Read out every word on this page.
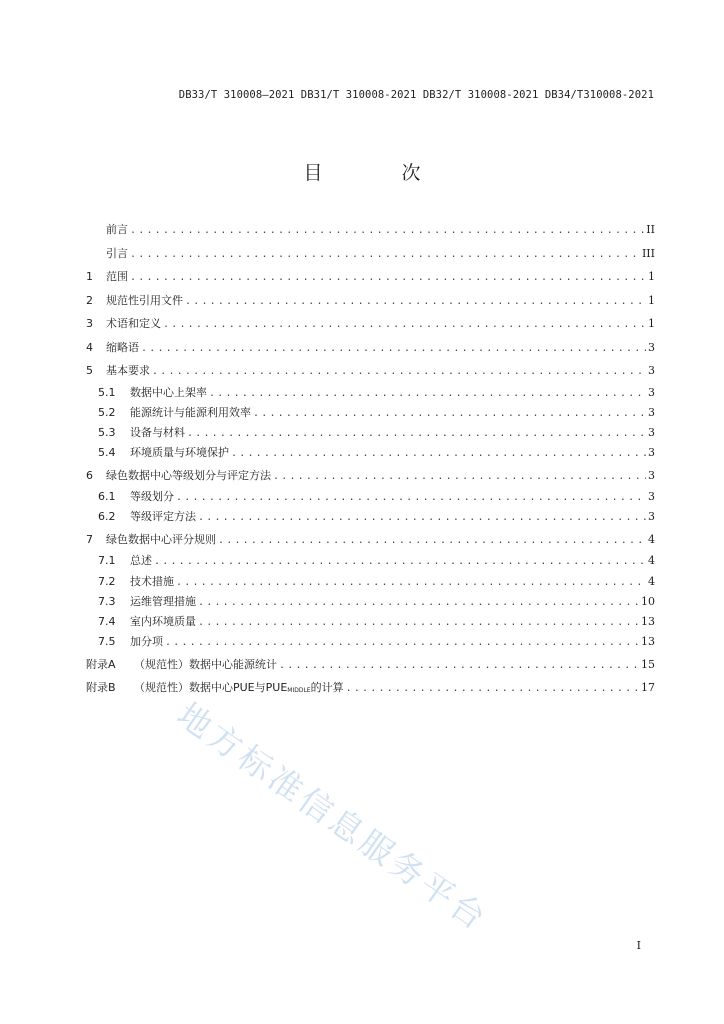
DB33/T 310008—2021 DB31/T 310008-2021 DB32/T 310008-2021 DB34/T310008-2021
目　次
前言 .....	II
引言 .....	III
1	范围 .....	1
2	规范性引用文件 .....	1
3	术语和定义 .....	1
4	缩略语 .....	3
5	基本要求 .....	3
5.1	数据中心上架率 .....	3
5.2	能源统计与能源利用效率 .....	3
5.3	设备与材料 .....	3
5.4	环境质量与环境保护 .....	3
6	绿色数据中心等级划分与评定方法 .....	3
6.1	等级划分 .....	3
6.2	等级评定方法 .....	3
7	绿色数据中心评分规则 .....	4
7.1	总述 .....	4
7.2	技术措施 .....	4
7.3	运维管理措施 .....	10
7.4	室内环境质量 .....	13
7.5	加分项 .....	13
附录A	（规范性）数据中心能源统计 .....	15
附录B	（规范性）数据中心PUE与PUEMIDDLE的计算 .....	17
地方标准信息服务平台
I
